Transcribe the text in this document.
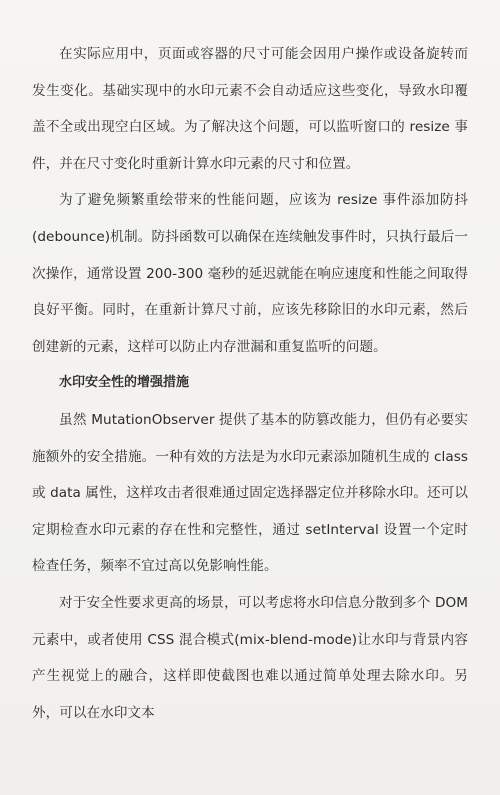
在实际应用中，页面或容器的尺寸可能会因用户操作或设备旋转而发生变化。基础实现中的水印元素不会自动适应这些变化，导致水印覆盖不全或出现空白区域。为了解决这个问题，可以监听窗口的 resize 事件，并在尺寸变化时重新计算水印元素的尺寸和位置。

为了避免频繁重绘带来的性能问题，应该为 resize 事件添加防抖(debounce)机制。防抖函数可以确保在连续触发事件时，只执行最后一次操作，通常设置 200-300 毫秒的延迟就能在响应速度和性能之间取得良好平衡。同时，在重新计算尺寸前，应该先移除旧的水印元素，然后创建新的元素，这样可以防止内存泄漏和重复监听的问题。

水印安全性的增强措施

虽然 MutationObserver 提供了基本的防篡改能力，但仍有必要实施额外的安全措施。一种有效的方法是为水印元素添加随机生成的 class 或 data 属性，这样攻击者很难通过固定选择器定位并移除水印。还可以定期检查水印元素的存在性和完整性，通过 setInterval 设置一个定时检查任务，频率不宜过高以免影响性能。

对于安全性要求更高的场景，可以考虑将水印信息分散到多个 DOM 元素中，或者使用 CSS 混合模式(mix-blend-mode)让水印与背景内容产生视觉上的融合，这样即使截图也难以通过简单处理去除水印。另外，可以在水印文本
